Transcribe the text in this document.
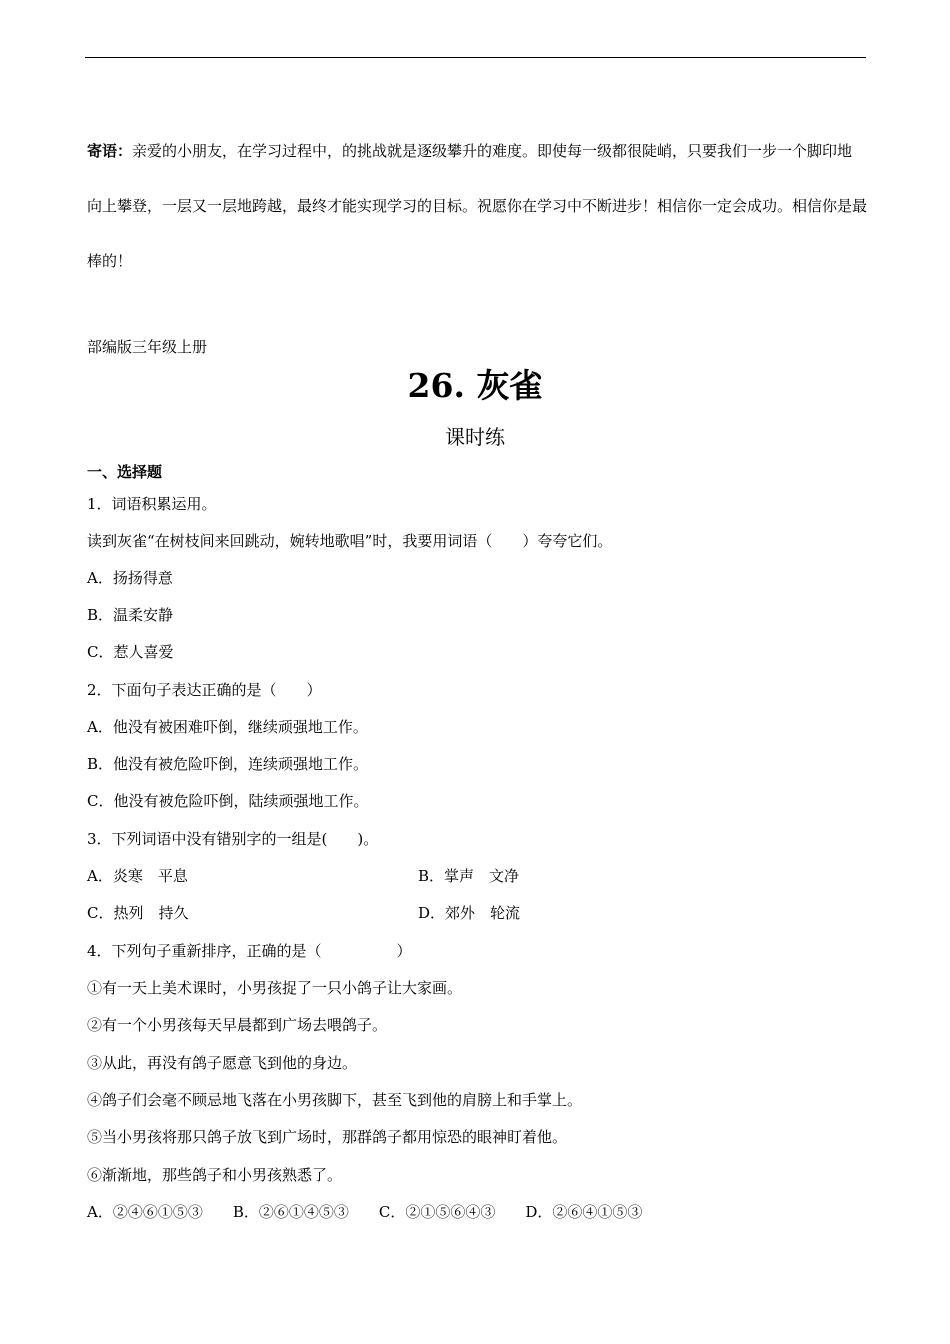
寄语：亲爱的小朋友，在学习过程中，的挑战就是逐级攀升的难度。即使每一级都很陡峭，只要我们一步一个脚印地向上攀登，一层又一层地跨越，最终才能实现学习的目标。祝愿你在学习中不断进步！相信你一定会成功。相信你是最棒的！
部编版三年级上册
26. 灰雀
课时练
一、选择题
1．词语积累运用。
读到灰雀“在树枝间来回跳动，婉转地歌唱”时，我要用词语（　　）夸夸它们。
A．扬扬得意
B．温柔安静
C．惹人喜爱
2．下面句子表达正确的是（　　）
A．他没有被困难吓倒，继续顽强地工作。
B．他没有被危险吓倒，连续顽强地工作。
C．他没有被危险吓倒，陆续顽强地工作。
3．下列词语中没有错别字的一组是(　　)。
A．炎寒　平息	B．掌声　文净
C．热列　持久	D．郊外　轮流
4．下列句子重新排序，正确的是（　　　　　）
①有一天上美术课时，小男孩捉了一只小鸽子让大家画。
②有一个小男孩每天早晨都到广场去喂鸽子。
③从此，再没有鸽子愿意飞到他的身边。
④鸽子们会毫不顾忌地飞落在小男孩脚下，甚至飞到他的肩膀上和手掌上。
⑤当小男孩将那只鸽子放飞到广场时，那群鸽子都用惊恐的眼神盯着他。
⑥渐渐地，那些鸽子和小男孩熟悉了。
A．②④⑥①⑤③　　B．②⑥①④⑤③　　C．②①⑤⑥④③　　D．②⑥④①⑤③
